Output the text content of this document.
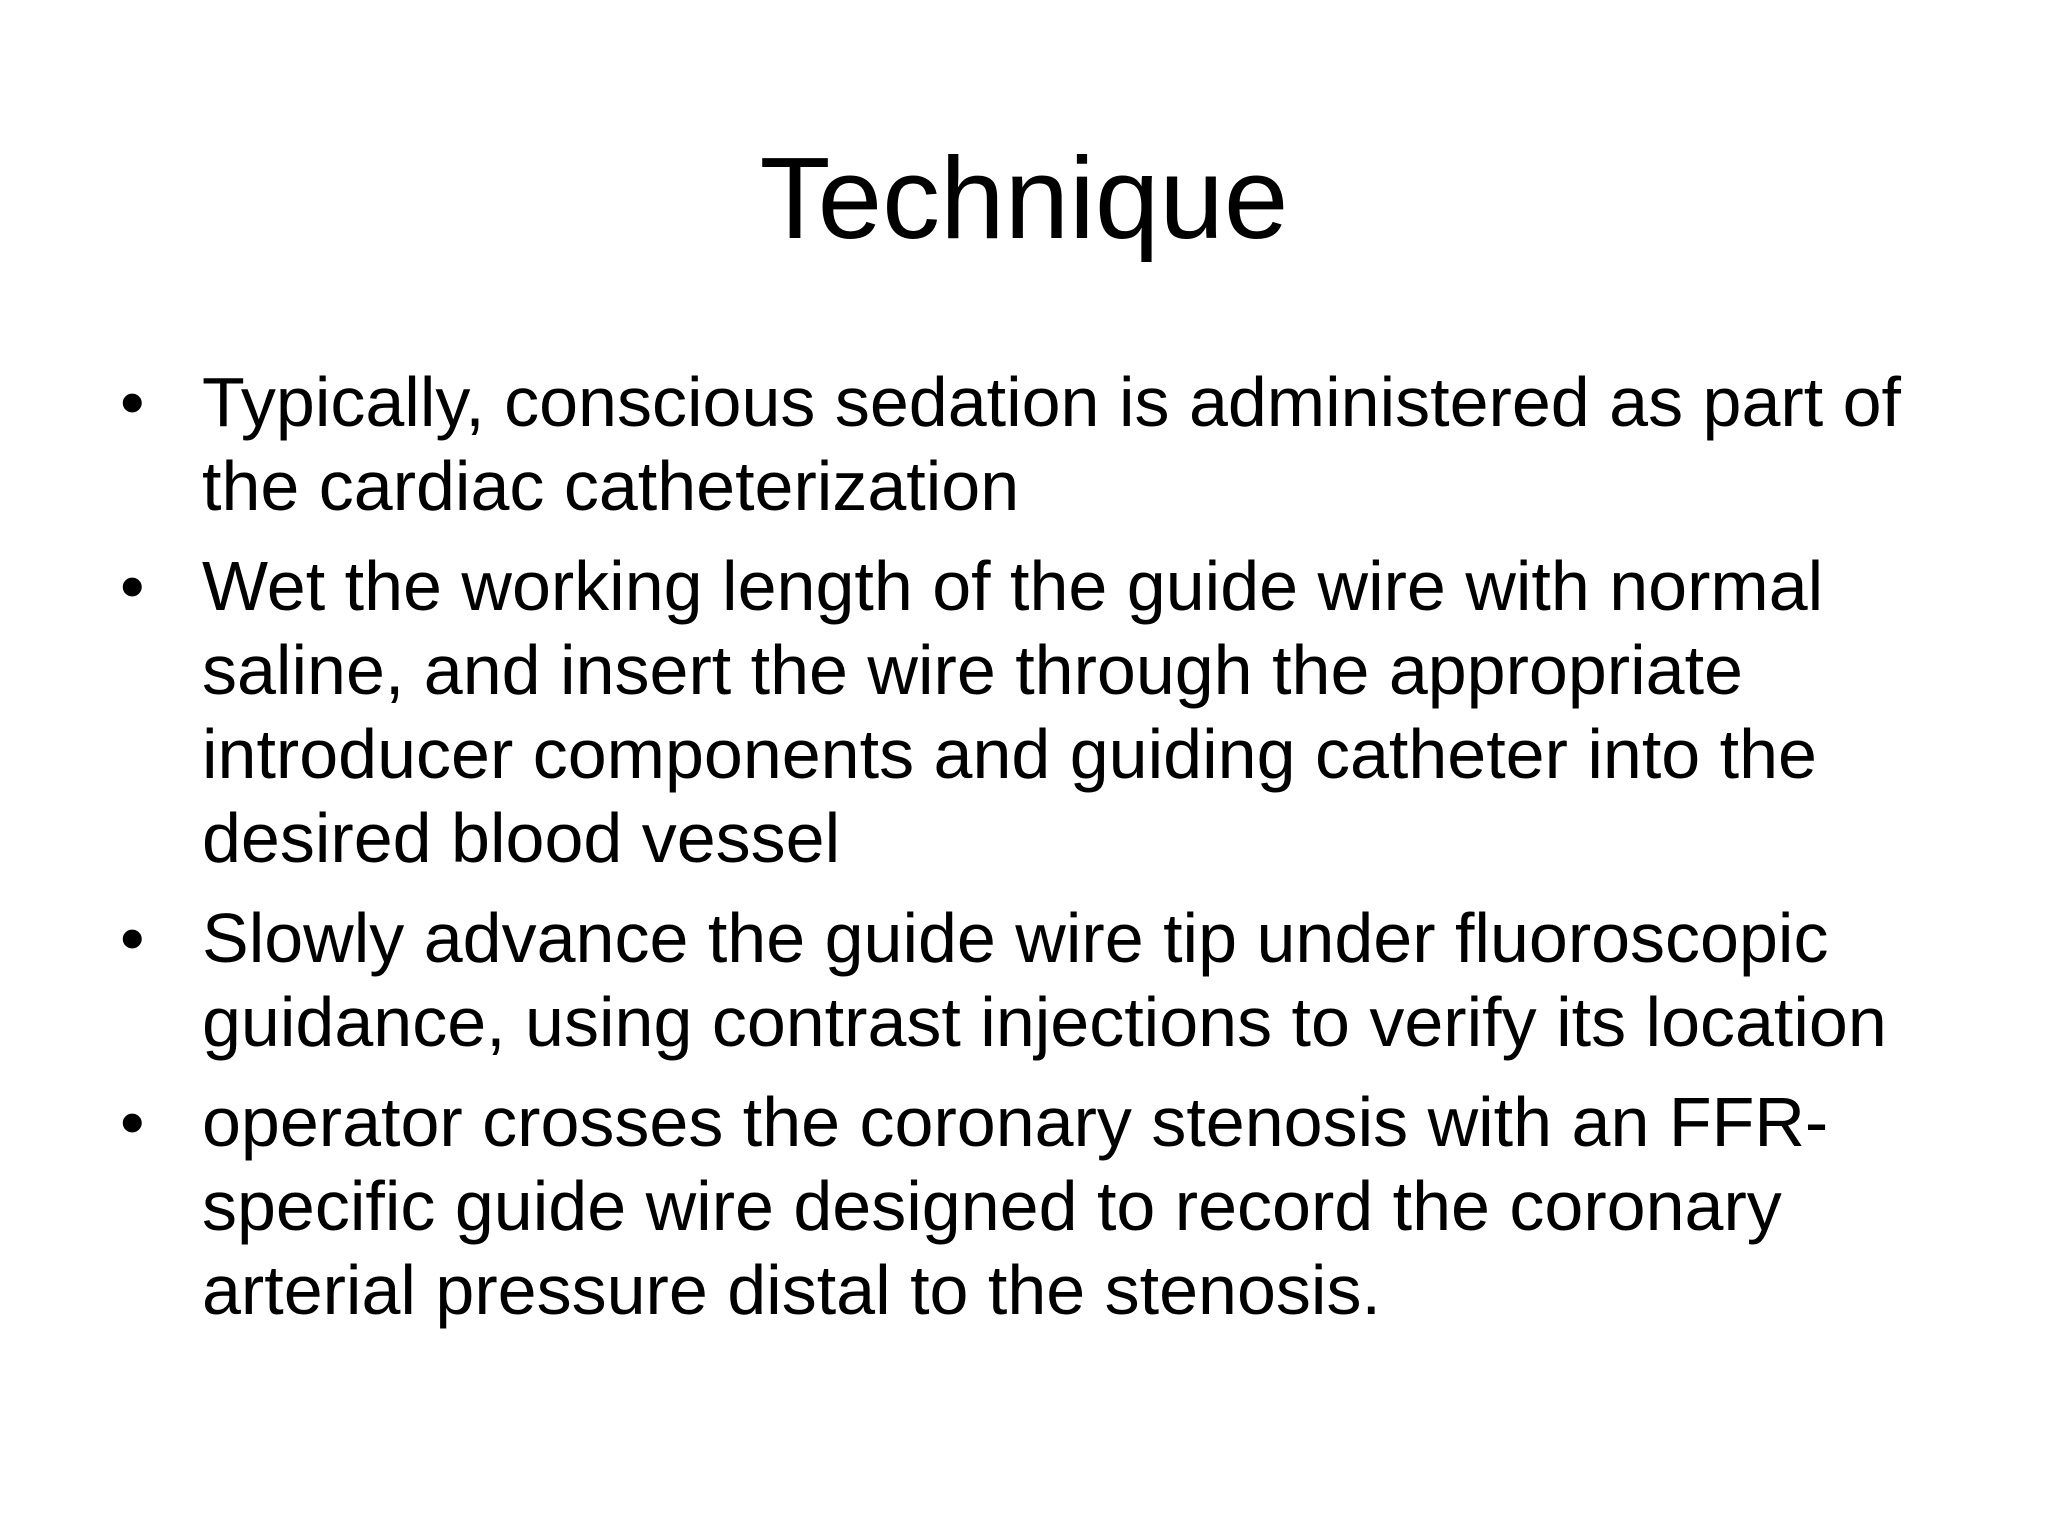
Technique
• Typically, conscious sedation is administered as part of the cardiac catheterization
• Wet the working length of the guide wire with normal saline, and insert the wire through the appropriate introducer components and guiding catheter into the desired blood vessel
• Slowly advance the guide wire tip under fluoroscopic guidance, using contrast injections to verify its location
• operator crosses the coronary stenosis with an FFR-specific guide wire designed to record the coronary arterial pressure distal to the stenosis.
